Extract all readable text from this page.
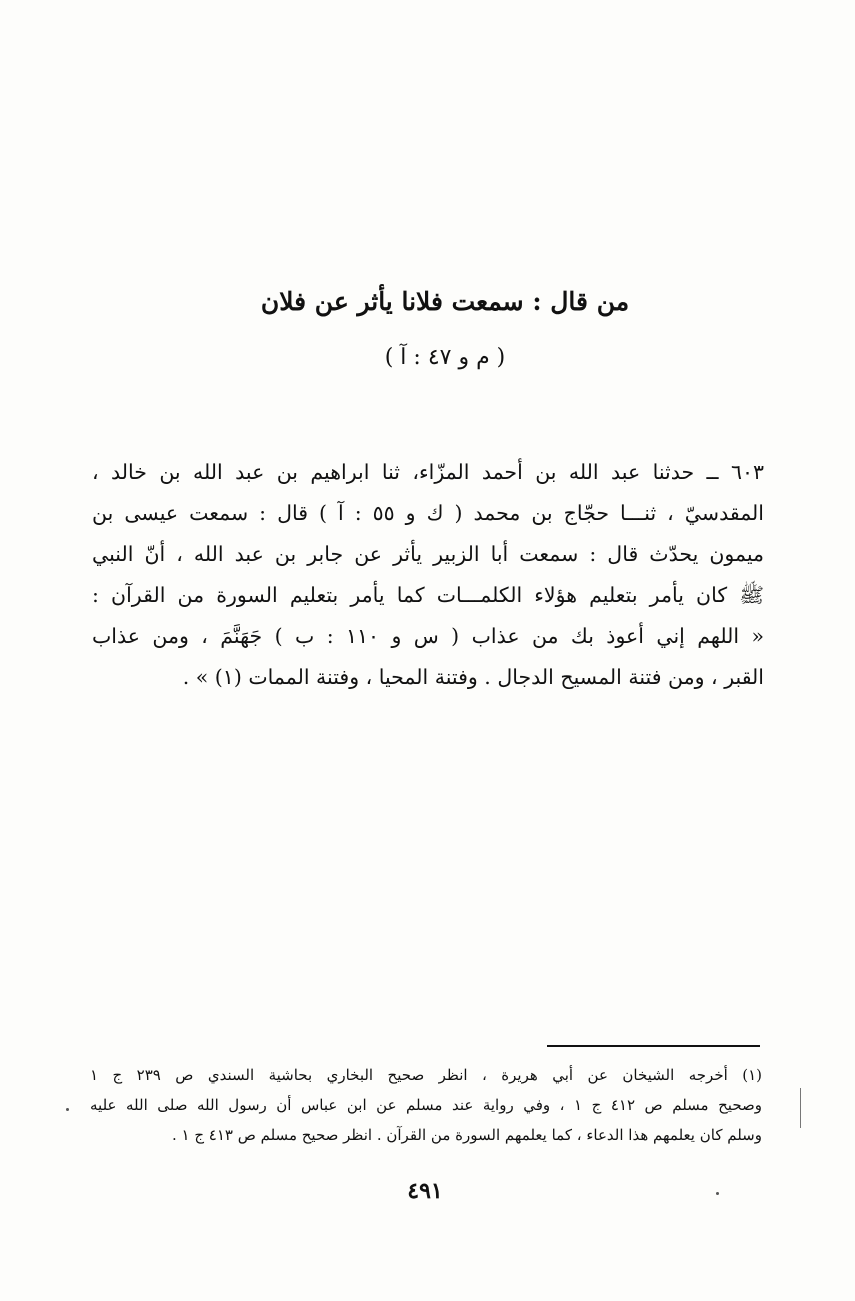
من قال : سمعت فلانا يأثر عن فلان
( م و ٤٧ : آ )
٦٠٣ ــ حدثنا عبد الله بن أحمد المزّاء، ثنا ابراهيم بن عبد الله بن خالد ،
المقدسيّ ، ثنـــا حجّاج بن محمد ( ك و ٥٥ : آ ) قال : سمعت عيسى بن
ميمون يحدّث قال : سمعت أبا الزبير يأثر عن جابر بن عبد الله ، أنّ النبي
ﷺ كان يأمر بتعليم هؤلاء الكلمـــات كما يأمر بتعليم السورة من القرآن :
« اللهم إني أعوذ بك من عذاب ( س و ١١٠ : ب ) جَهَنَّمَ ، ومن عذاب
القبر ، ومن فتنة المسيح الدجال . وفتنة المحيا ، وفتنة الممات (١) » .
(١) أخرجه الشيخان عن أبي هريرة ، انظر صحيح البخاري بحاشية السندي ص ٢٣٩ ج ١
وصحيح مسلم ص ٤١٢ ج ١ ، وفي رواية عند مسلم عن ابن عباس أن رسول الله صلى الله عليه
وسلم كان يعلمهم هذا الدعاء ، كما يعلمهم السورة من القرآن . انظر صحيح مسلم ص ٤١٣ ج ١ .
٤٩١
